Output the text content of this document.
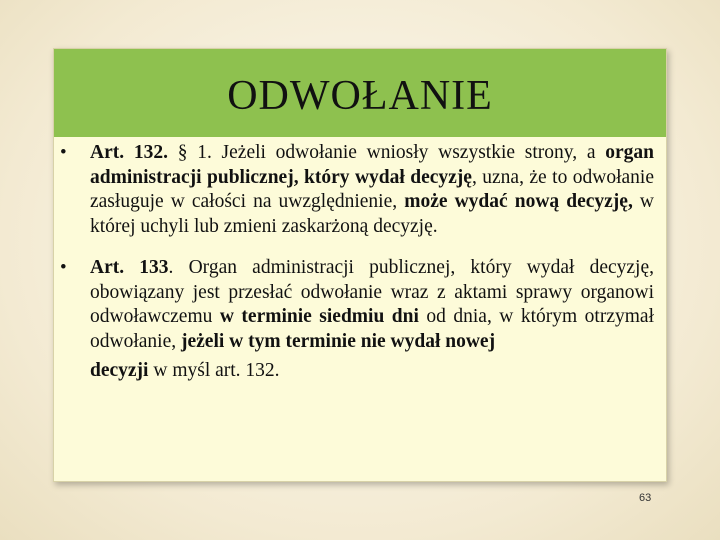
ODWOŁANIE
• Art. 132. § 1. Jeżeli odwołanie wniosły wszystkie strony, a organ administracji publicznej, który wydał decyzję, uzna, że to odwołanie zasługuje w całości na uwzględnienie, może wydać nową decyzję, w której uchyli lub zmieni zaskarżoną decyzję.
• Art. 133. Organ administracji publicznej, który wydał decyzję, obowiązany jest przesłać odwołanie wraz z aktami sprawy organowi odwoławczemu w terminie siedmiu dni od dnia, w którym otrzymał odwołanie, jeżeli w tym terminie nie wydał nowej
decyzji w myśl art. 132.
63
